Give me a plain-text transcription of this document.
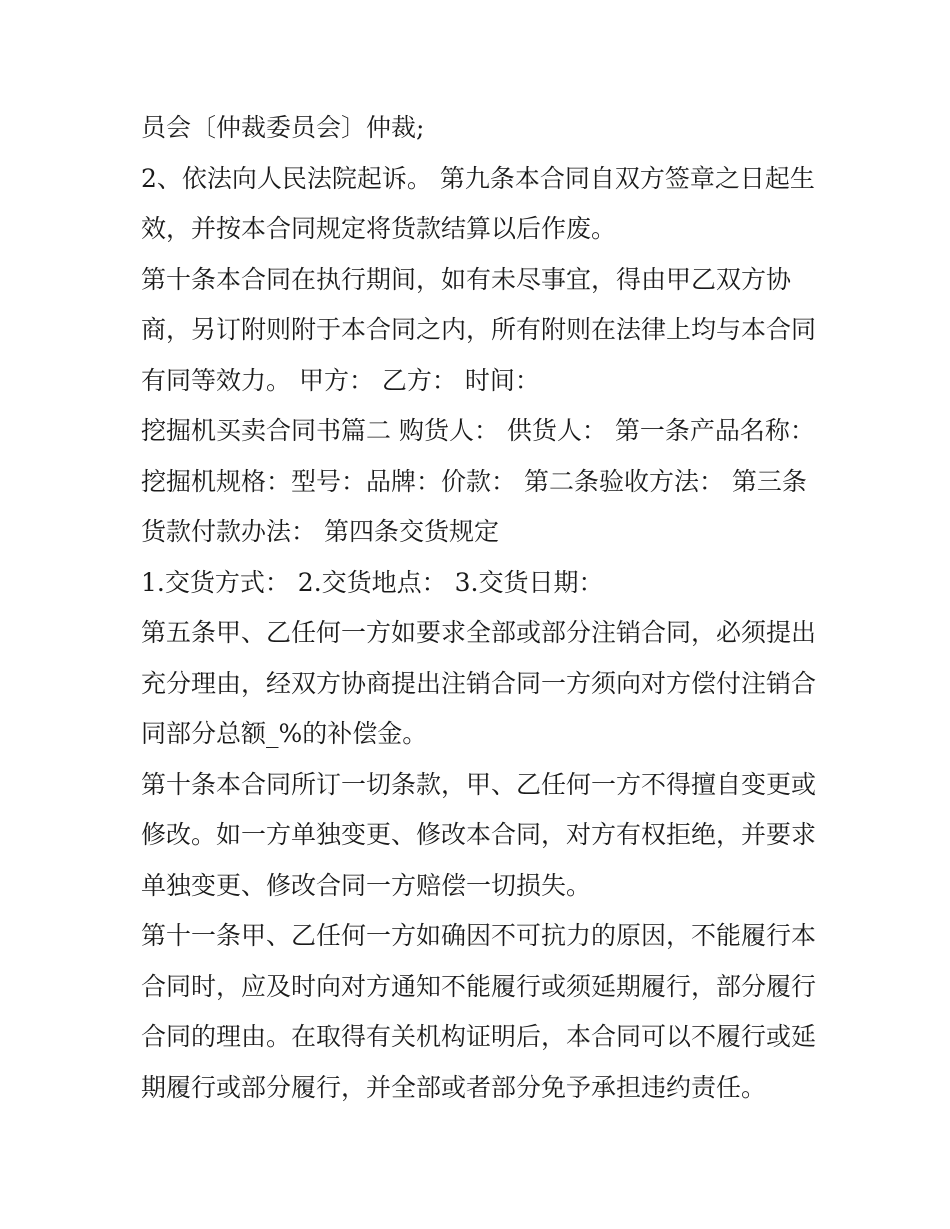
员会〔仲裁委员会〕仲裁;
2、依法向人民法院起诉。 第九条本合同自双方签章之日起生
效，并按本合同规定将货款结算以后作废。
第十条本合同在执行期间，如有未尽事宜，得由甲乙双方协
商，另订附则附于本合同之内，所有附则在法律上均与本合同
有同等效力。 甲方： 乙方： 时间：
挖掘机买卖合同书篇二 购货人： 供货人： 第一条产品名称：
挖掘机规格：型号：品牌：价款： 第二条验收方法： 第三条
货款付款办法： 第四条交货规定
1.交货方式： 2.交货地点： 3.交货日期：
第五条甲、乙任何一方如要求全部或部分注销合同，必须提出
充分理由，经双方协商提出注销合同一方须向对方偿付注销合
同部分总额_%的补偿金。
第十条本合同所订一切条款，甲、乙任何一方不得擅自变更或
修改。如一方单独变更、修改本合同，对方有权拒绝，并要求
单独变更、修改合同一方赔偿一切损失。
第十一条甲、乙任何一方如确因不可抗力的原因，不能履行本
合同时，应及时向对方通知不能履行或须延期履行，部分履行
合同的理由。在取得有关机构证明后，本合同可以不履行或延
期履行或部分履行，并全部或者部分免予承担违约责任。
